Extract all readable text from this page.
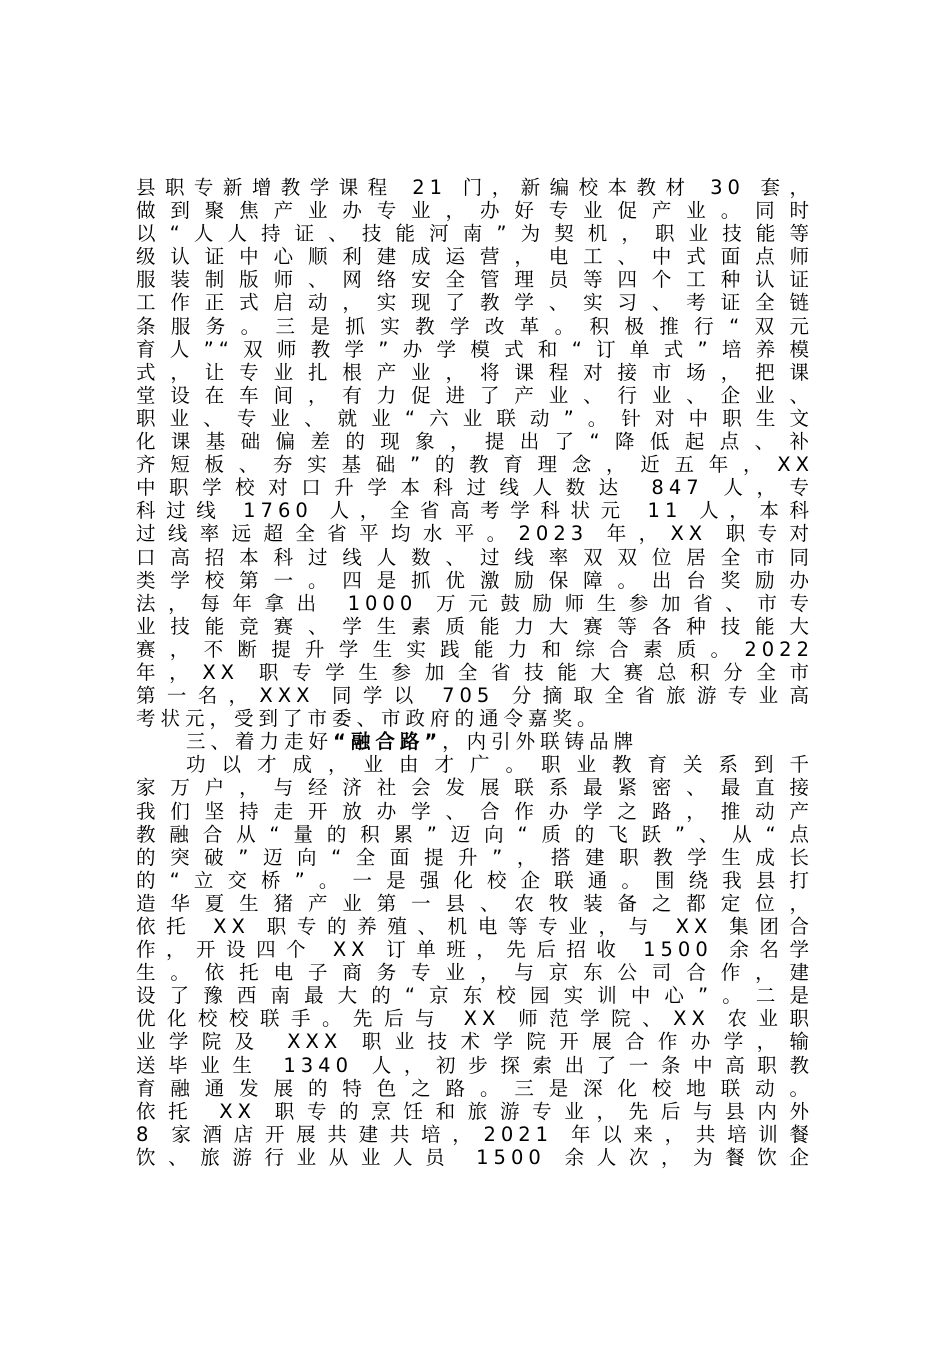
县职专新增教学课程 21 门，新编校本教材 30 套，
做到聚焦产业办专业，办好专业促产业。同时
以“人人持证、技能河南”为契机，职业技能等
级认证中心顺利建成运营，电工、中式面点师
服装制版师、网络安全管理员等四个工种认证
工作正式启动，实现了教学、实习、考证全链
条服务。三是抓实教学改革。积极推行“双元
育人”“双师教学”办学模式和“订单式”培养模
式，让专业扎根产业，将课程对接市场，把课
堂设在车间，有力促进了产业、行业、企业、
职业、专业、就业“六业联动”。针对中职生文
化课基础偏差的现象，提出了“降低起点、补
齐短板、夯实基础”的教育理念，近五年，XX
中职学校对口升学本科过线人数达 847 人，专
科过线 1760 人，全省高考学科状元 11 人，本科
过线率远超全省平均水平。2023 年，XX 职专对
口高招本科过线人数、过线率双双位居全市同
类学校第一。四是抓优激励保障。出台奖励办
法，每年拿出 1000 万元鼓励师生参加省、市专
业技能竞赛、学生素质能力大赛等各种技能大
赛，不断提升学生实践能力和综合素质。2022
年，XX 职专学生参加全省技能大赛总积分全市
第一名，XXX 同学以 705 分摘取全省旅游专业高
考状元，受到了市委、市政府的通令嘉奖。
三、着力走好“融合路”，内引外联铸品牌
功以才成，业由才广。职业教育关系到千
家万户，与经济社会发展联系最紧密、最直接
我们坚持走开放办学、合作办学之路，推动产
教融合从“量的积累”迈向“质的飞跃”、从“点
的突破”迈向“全面提升”，搭建职教学生成长
的“立交桥”。一是强化校企联通。围绕我县打
造华夏生猪产业第一县、农牧装备之都定位，
依托 XX 职专的养殖、机电等专业，与 XX 集团合
作，开设四个 XX 订单班，先后招收 1500 余名学
生。依托电子商务专业，与京东公司合作，建
设了豫西南最大的“京东校园实训中心”。二是
优化校校联手。先后与 XX 师范学院、XX 农业职
业学院及 XXX 职业技术学院开展合作办学，输
送毕业生 1340 人，初步探索出了一条中高职教
育融通发展的特色之路。三是深化校地联动。
依托 XX 职专的烹饪和旅游专业，先后与县内外
8 家酒店开展共建共培，2021 年以来，共培训餐
饮、旅游行业从业人员 1500 余人次，为餐饮企
